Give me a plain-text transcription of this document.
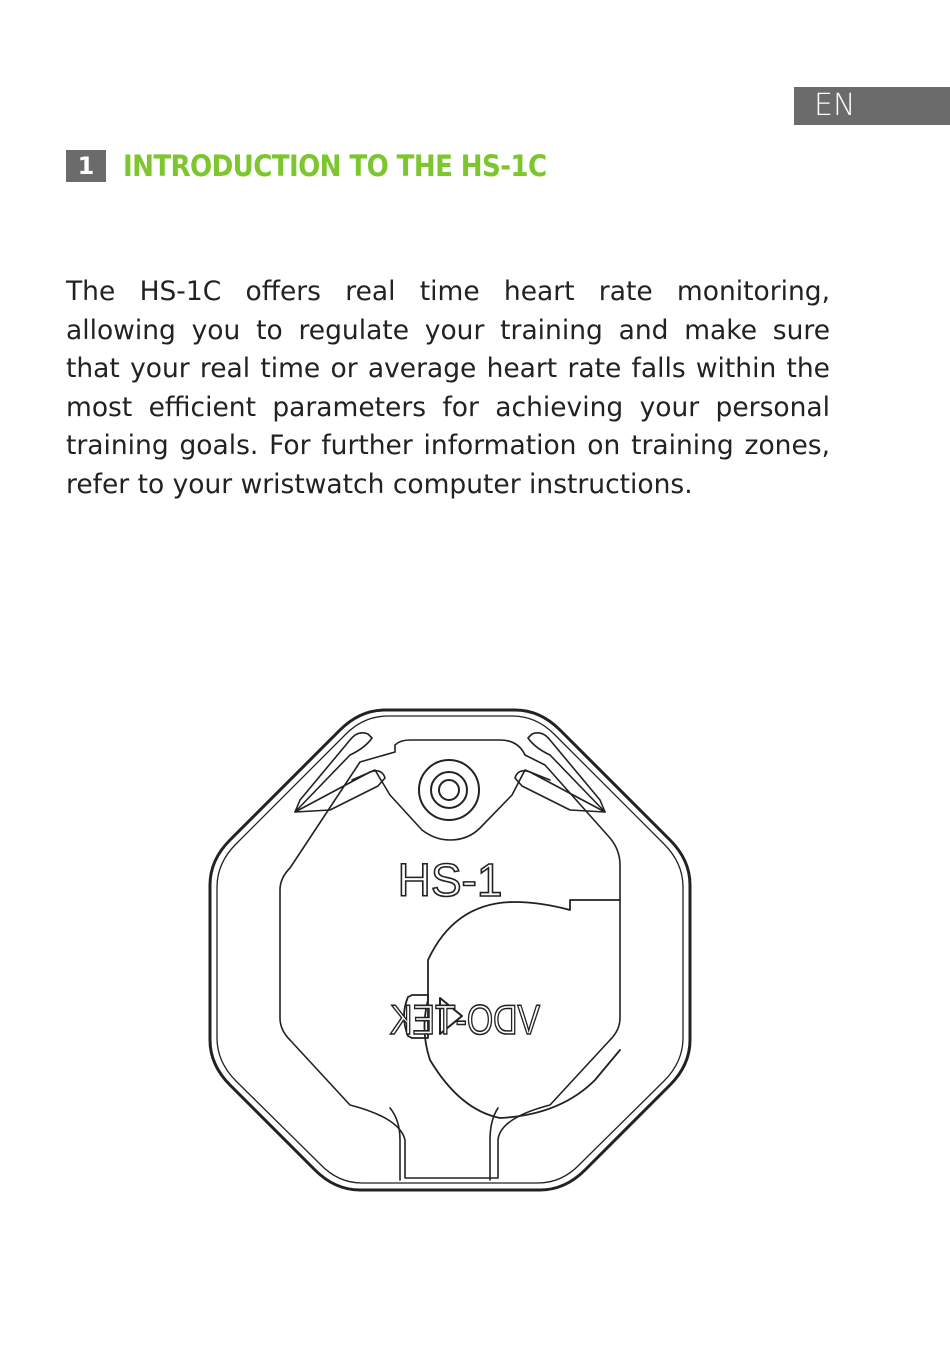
EN
1 INTRODUCTION TO THE HS-1C

The HS-1C offers real time heart rate monitoring, allowing you to regulate your training and make sure that your real time or average heart rate falls within the most efficient parameters for achieving your personal training goals. For further information on training zones, refer to your wristwatch computer instructions.

HS-1
VDO-TEK
